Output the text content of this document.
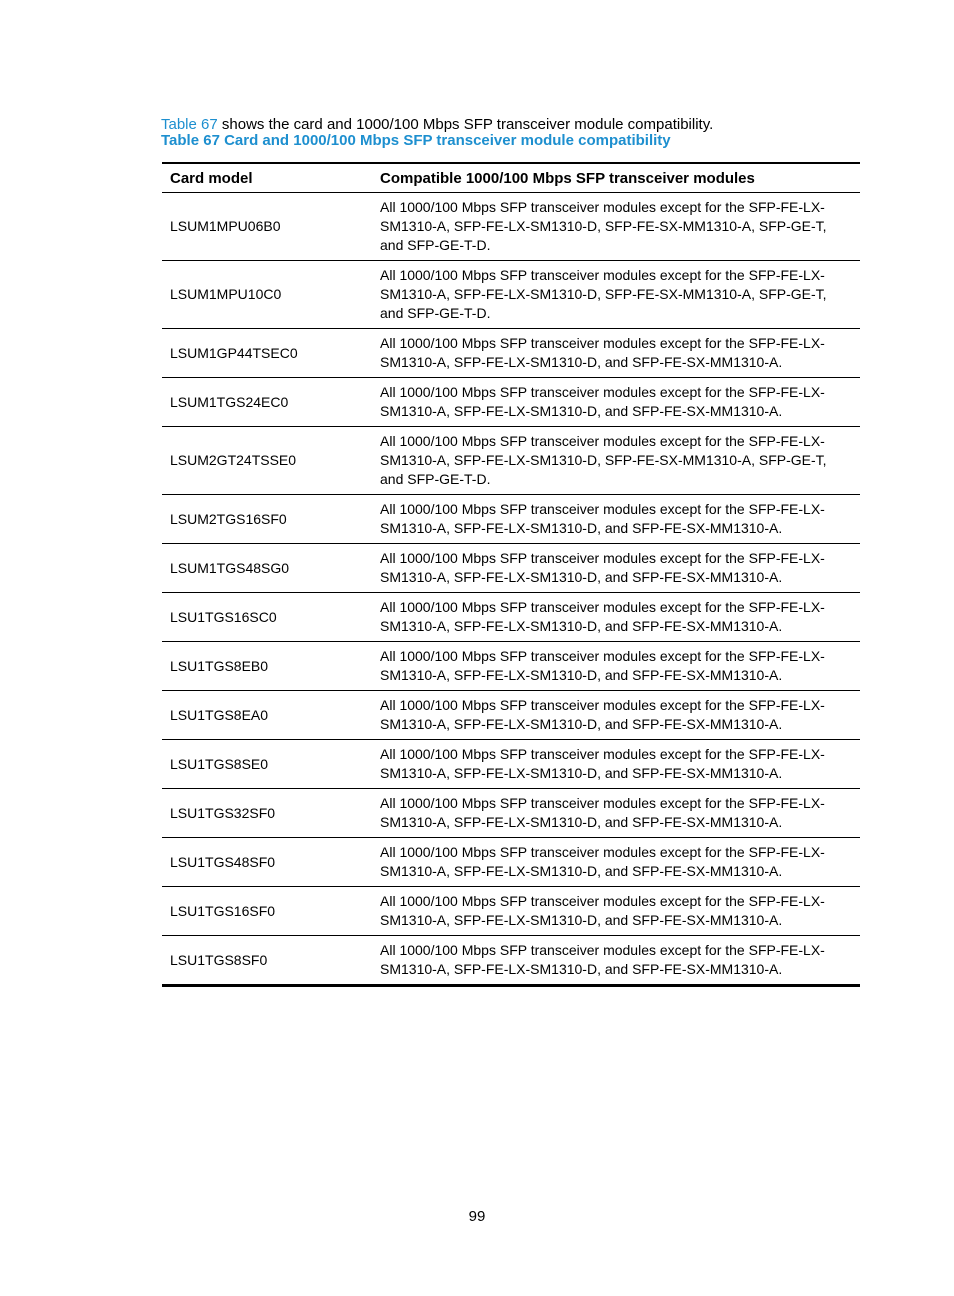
Table 67 shows the card and 1000/100 Mbps SFP transceiver module compatibility.

Table 67 Card and 1000/100 Mbps SFP transceiver module compatibility
Card model	Compatible 1000/100 Mbps SFP transceiver modules
LSUM1MPU06B0	All 1000/100 Mbps SFP transceiver modules except for the SFP-FE-LX-SM1310-A, SFP-FE-LX-SM1310-D, SFP-FE-SX-MM1310-A, SFP-GE-T, and SFP-GE-T-D.
LSUM1MPU10C0	All 1000/100 Mbps SFP transceiver modules except for the SFP-FE-LX-SM1310-A, SFP-FE-LX-SM1310-D, SFP-FE-SX-MM1310-A, SFP-GE-T, and SFP-GE-T-D.
LSUM1GP44TSEC0	All 1000/100 Mbps SFP transceiver modules except for the SFP-FE-LX-SM1310-A, SFP-FE-LX-SM1310-D, and SFP-FE-SX-MM1310-A.
LSUM1TGS24EC0	All 1000/100 Mbps SFP transceiver modules except for the SFP-FE-LX-SM1310-A, SFP-FE-LX-SM1310-D, and SFP-FE-SX-MM1310-A.
LSUM2GT24TSSE0	All 1000/100 Mbps SFP transceiver modules except for the SFP-FE-LX-SM1310-A, SFP-FE-LX-SM1310-D, SFP-FE-SX-MM1310-A, SFP-GE-T, and SFP-GE-T-D.
LSUM2TGS16SF0	All 1000/100 Mbps SFP transceiver modules except for the SFP-FE-LX-SM1310-A, SFP-FE-LX-SM1310-D, and SFP-FE-SX-MM1310-A.
LSUM1TGS48SG0	All 1000/100 Mbps SFP transceiver modules except for the SFP-FE-LX-SM1310-A, SFP-FE-LX-SM1310-D, and SFP-FE-SX-MM1310-A.
LSU1TGS16SC0	All 1000/100 Mbps SFP transceiver modules except for the SFP-FE-LX-SM1310-A, SFP-FE-LX-SM1310-D, and SFP-FE-SX-MM1310-A.
LSU1TGS8EB0	All 1000/100 Mbps SFP transceiver modules except for the SFP-FE-LX-SM1310-A, SFP-FE-LX-SM1310-D, and SFP-FE-SX-MM1310-A.
LSU1TGS8EA0	All 1000/100 Mbps SFP transceiver modules except for the SFP-FE-LX-SM1310-A, SFP-FE-LX-SM1310-D, and SFP-FE-SX-MM1310-A.
LSU1TGS8SE0	All 1000/100 Mbps SFP transceiver modules except for the SFP-FE-LX-SM1310-A, SFP-FE-LX-SM1310-D, and SFP-FE-SX-MM1310-A.
LSU1TGS32SF0	All 1000/100 Mbps SFP transceiver modules except for the SFP-FE-LX-SM1310-A, SFP-FE-LX-SM1310-D, and SFP-FE-SX-MM1310-A.
LSU1TGS48SF0	All 1000/100 Mbps SFP transceiver modules except for the SFP-FE-LX-SM1310-A, SFP-FE-LX-SM1310-D, and SFP-FE-SX-MM1310-A.
LSU1TGS16SF0	All 1000/100 Mbps SFP transceiver modules except for the SFP-FE-LX-SM1310-A, SFP-FE-LX-SM1310-D, and SFP-FE-SX-MM1310-A.
LSU1TGS8SF0	All 1000/100 Mbps SFP transceiver modules except for the SFP-FE-LX-SM1310-A, SFP-FE-LX-SM1310-D, and SFP-FE-SX-MM1310-A.
99
